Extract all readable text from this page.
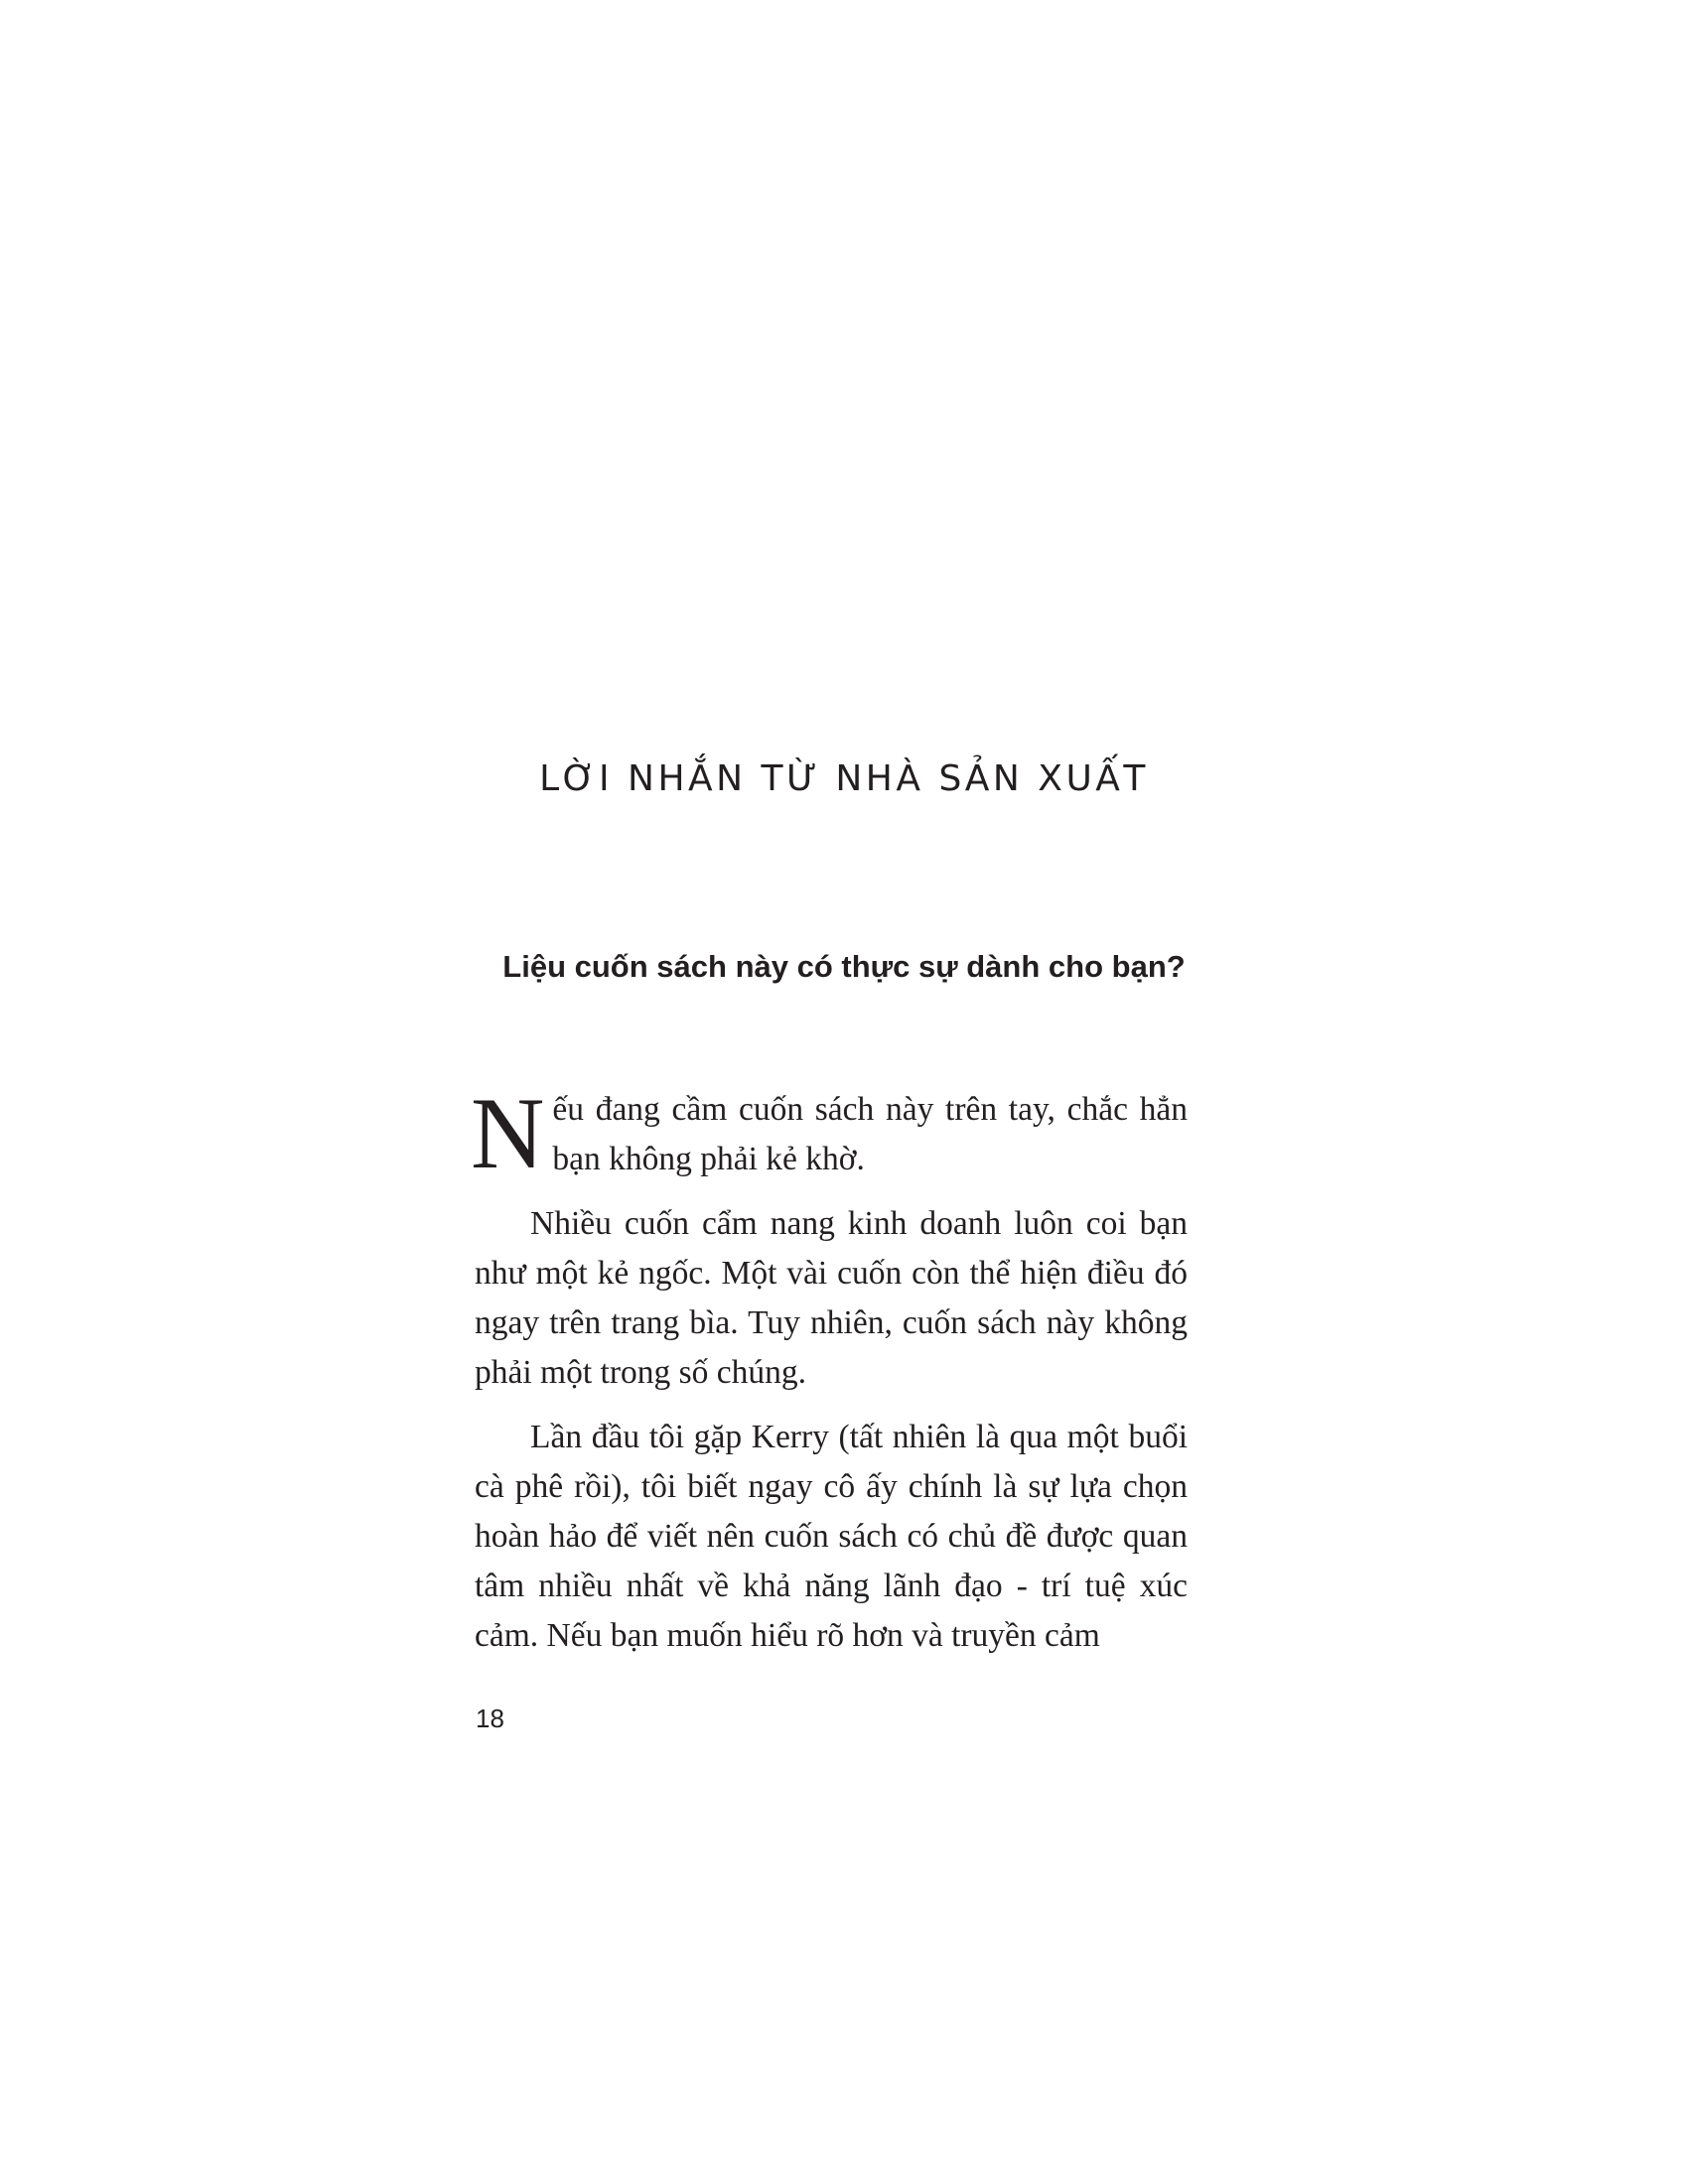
LỜI NHẮN TỪ NHÀ SẢN XUẤT
Liệu cuốn sách này có thực sự dành cho bạn?

Nếu đang cầm cuốn sách này trên tay, chắc hẳn bạn không phải kẻ khờ.

Nhiều cuốn cẩm nang kinh doanh luôn coi bạn như một kẻ ngốc. Một vài cuốn còn thể hiện điều đó ngay trên trang bìa. Tuy nhiên, cuốn sách này không phải một trong số chúng.

Lần đầu tôi gặp Kerry (tất nhiên là qua một buổi cà phê rồi), tôi biết ngay cô ấy chính là sự lựa chọn hoàn hảo để viết nên cuốn sách có chủ đề được quan tâm nhiều nhất về khả năng lãnh đạo - trí tuệ xúc cảm. Nếu bạn muốn hiểu rõ hơn và truyền cảm

18
